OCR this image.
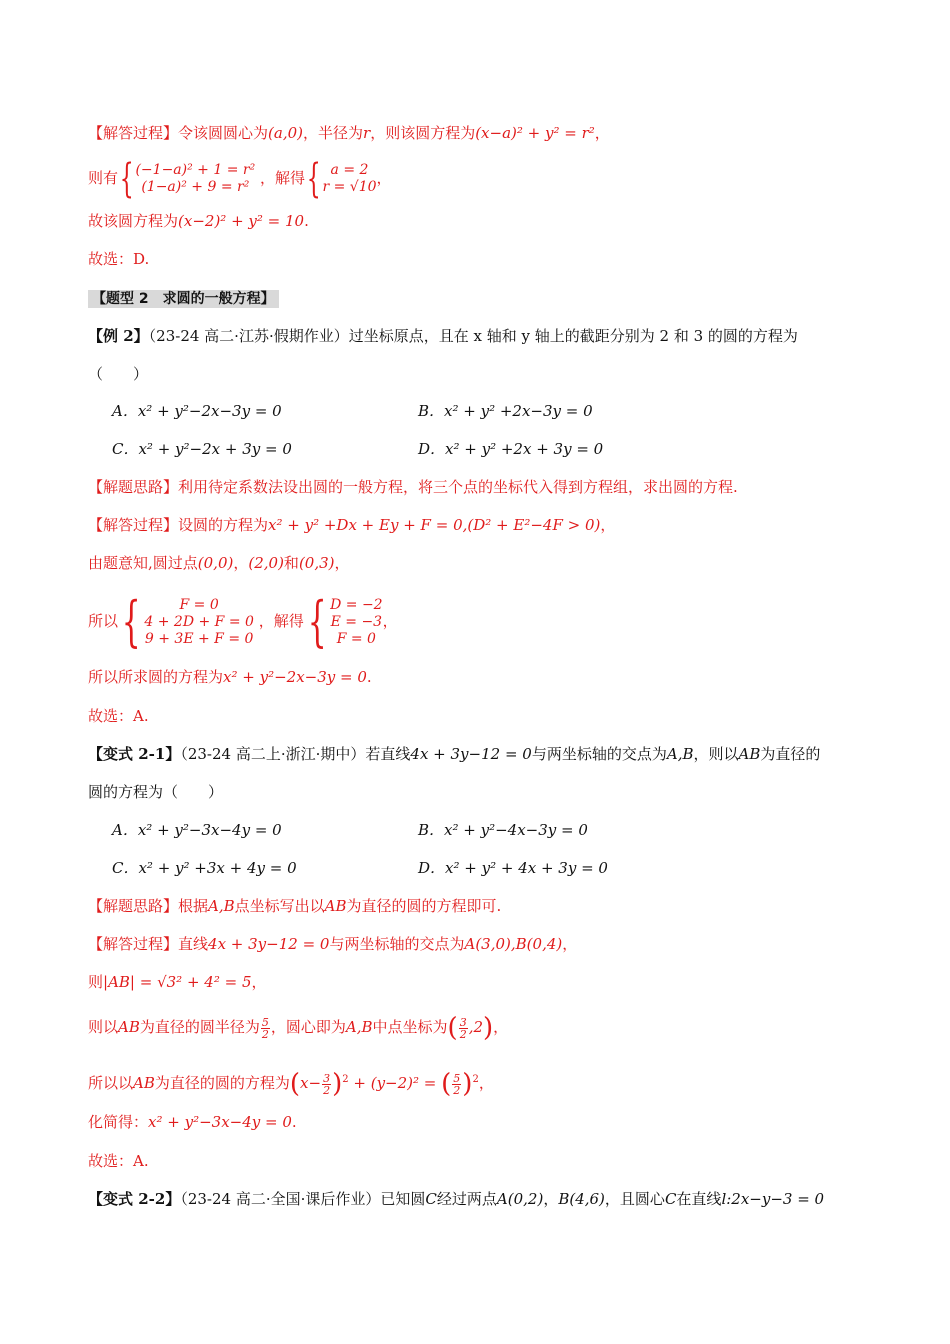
【解答过程】令该圆圆心为(a,0)，半径为r，则该圆方程为(x−a)² + y² = r²，
则有{ (−1−a)² + 1 = r²
(1−a)² + 9 = r² ，解得{ a = 2
r = √10 ，
故该圆方程为(x−2)² + y² = 10.
故选：D.
【题型 2　求圆的一般方程】
【例 2】（23-24 高二·江苏·假期作业）过坐标原点，且在 x 轴和 y 轴上的截距分别为 2 和 3 的圆的方程为
（　　）
A．x² + y²−2x−3y = 0	B．x² + y² +2x−3y = 0
C．x² + y²−2x + 3y = 0	D．x² + y² +2x + 3y = 0
【解题思路】利用待定系数法设出圆的一般方程，将三个点的坐标代入得到方程组，求出圆的方程.
【解答过程】设圆的方程为x² + y² +Dx + Ey + F = 0,(D² + E²−4F > 0)，
由题意知,圆过点(0,0)，(2,0)和(0,3)，
所以{	F = 0
4 + 2D + F = 0
9 + 3E + F = 0
，解得{ D = −2
E = −3
F = 0
，
所以所求圆的方程为x² + y²−2x−3y = 0.
故选：A.
【变式 2-1】（23-24 高二上·浙江·期中）若直线4x + 3y−12 = 0与两坐标轴的交点为A,B，则以AB为直径的
圆的方程为（　　）
A．x² + y²−3x−4y = 0	B．x² + y²−4x−3y = 0
C．x² + y² +3x + 4y = 0	D．x² + y² + 4x + 3y = 0
【解题思路】根据A,B点坐标写出以AB为直径的圆的方程即可.
【解答过程】直线4x + 3y−12 = 0与两坐标轴的交点为A(3,0),B(0,4)，
则|AB| = √3² + 4² = 5，
则以AB为直径的圆半径为 $\frac{5}{2}$ ，圆心即为A,B中点坐标为( $\frac{3}{2} ,2$)，
所以以AB为直径的圆的方程为$(x- \frac{3}{2} )^2 + (y-2)^2$ = ( $\frac{5}{2} )^2$，
化简得：x² + y²−3x−4y = 0.
故选：A.
【变式 2-2】（23-24 高二·全国·课后作业）已知圆C经过两点A(0,2)，B(4,6)，且圆心C在直线l:2x−y−3 = 0
